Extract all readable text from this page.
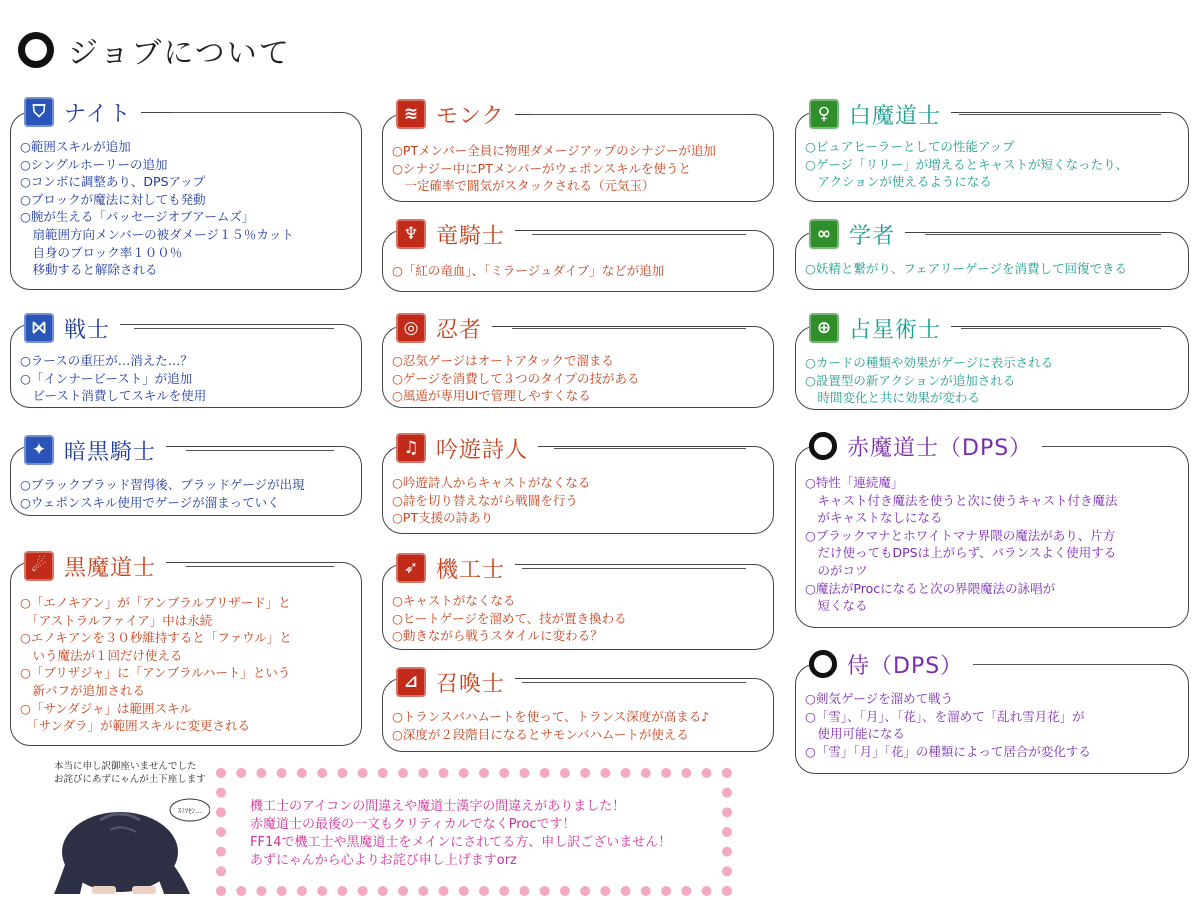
ジョブについて
⛉ ナイト
○範囲スキルが追加
○シングルホーリーの追加
○コンボに調整あり、DPSアップ
○ブロックが魔法に対しても発動
○腕が生える「パッセージオブアームズ」
　扇範囲方向メンバーの被ダメージ１５％カット
　自身のブロック率１００％
　移動すると解除される
⨝ 戦士
○ラースの重圧が…消えた…？
○「インナービースト」が追加
　ビースト消費してスキルを使用
✦ 暗黒騎士
○ブラックブラッド習得後、ブラッドゲージが出現
○ウェポンスキル使用でゲージが溜まっていく
☄ 黒魔道士
○「エノキアン」が「アンブラルブリザード」と
　「アストラルファイア」中は永続
○エノキアンを３０秒維持すると「ファウル」と
　いう魔法が１回だけ使える
○「ブリザジャ」に「アンブラルハート」という
　新バフが追加される
○「サンダジャ」は範囲スキル
　「サンダラ」が範囲スキルに変更される
≋ モンク
○PTメンバー全員に物理ダメージアップのシナジーが追加
○シナジー中にPTメンバーがウェポンスキルを使うと
　一定確率で闘気がスタックされる（元気玉）
♆ 竜騎士
○「紅の竜血」、「ミラージュダイブ」などが追加
◎ 忍者
○忍気ゲージはオートアタックで溜まる
○ゲージを消費して３つのタイプの技がある
○風遁が専用UIで管理しやすくなる
♫ 吟遊詩人
○吟遊詩人からキャストがなくなる
○詩を切り替えながら戦闘を行う
○PT支援の詩あり
➶ 機工士
○キャストがなくなる
○ヒートゲージを溜めて、技が置き換わる
○動きながら戦うスタイルに変わる？
⊿ 召喚士
○トランスバハムートを使って、トランス深度が高まる♪
○深度が２段階目になるとサモンバハムートが使える
♀ 白魔道士
○ピュアヒーラーとしての性能アップ
○ゲージ「リリー」が増えるとキャストが短くなったり、
　アクションが使えるようになる
∞ 学者
○妖精と繋がり、フェアリーゲージを消費して回復できる
⊕ 占星術士
○カードの種類や効果がゲージに表示される
○設置型の新アクションが追加される
　時間変化と共に効果が変わる
赤魔道士（DPS）
○特性「連続魔」
　キャスト付き魔法を使うと次に使うキャスト付き魔法
　がキャストなしになる
○ブラックマナとホワイトマナ界隈の魔法があり、片方
　だけ使ってもDPSは上がらず、バランスよく使用する
　のがコツ
○魔法がProcになると次の界隈魔法の詠唱が
　短くなる
侍（DPS）
○剣気ゲージを溜めて戦う
○「雪」、「月」、「花」、を溜めて「乱れ雪月花」が
　使用可能になる
○「雪」「月」「花」の種類によって居合が変化する
本当に申し訳御座いませんでした
お詫びにあずにゃんが土下座します
ｽﾐﾏｾﾝ…	機工士のアイコンの間違えや魔道士漢字の間違えがありました！
赤魔道士の最後の一文もクリティカルでなくProcです！
FF14で機工士や黒魔道士をメインにされてる方、申し訳ございません！
あずにゃんから心よりお詫び申し上げますorz
